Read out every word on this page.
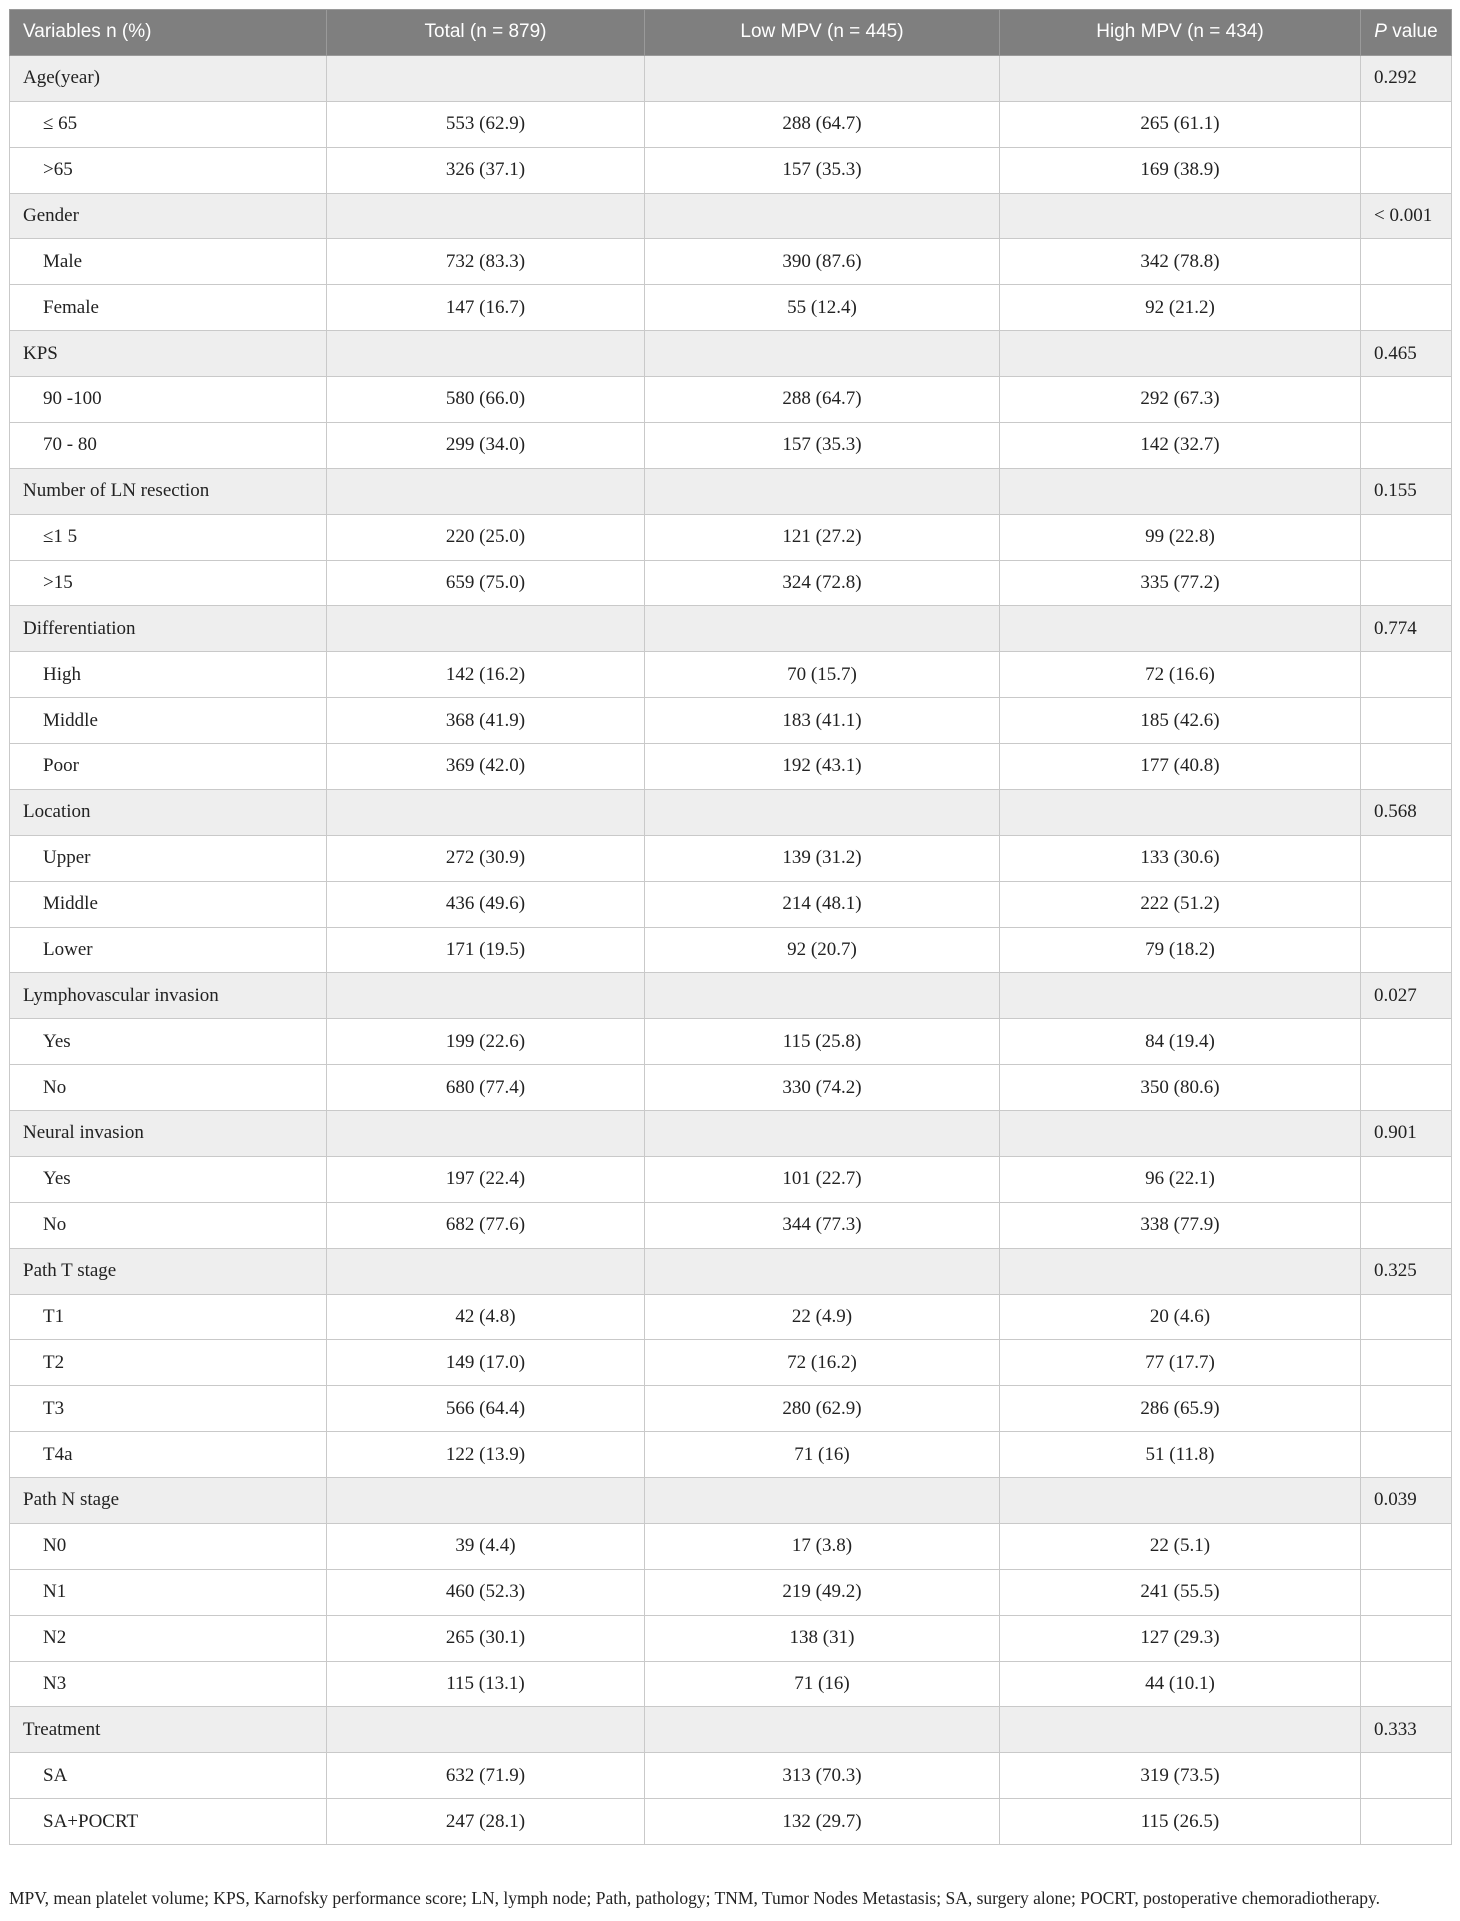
Variables n (%)	Total (n = 879)	Low MPV (n = 445)	High MPV (n = 434)	P value
Age(year)				0.292
≤ 65	553 (62.9)	288 (64.7)	265 (61.1)	
>65	326 (37.1)	157 (35.3)	169 (38.9)	
Gender				< 0.001
Male	732 (83.3)	390 (87.6)	342 (78.8)	
Female	147 (16.7)	55 (12.4)	92 (21.2)	
KPS				0.465
90 -100	580 (66.0)	288 (64.7)	292 (67.3)	
70 - 80	299 (34.0)	157 (35.3)	142 (32.7)	
Number of LN resection				0.155
≤1 5	220 (25.0)	121 (27.2)	99 (22.8)	
>15	659 (75.0)	324 (72.8)	335 (77.2)	
Differentiation				0.774
High	142 (16.2)	70 (15.7)	72 (16.6)	
Middle	368 (41.9)	183 (41.1)	185 (42.6)	
Poor	369 (42.0)	192 (43.1)	177 (40.8)	
Location				0.568
Upper	272 (30.9)	139 (31.2)	133 (30.6)	
Middle	436 (49.6)	214 (48.1)	222 (51.2)	
Lower	171 (19.5)	92 (20.7)	79 (18.2)	
Lymphovascular invasion				0.027
Yes	199 (22.6)	115 (25.8)	84 (19.4)	
No	680 (77.4)	330 (74.2)	350 (80.6)	
Neural invasion				0.901
Yes	197 (22.4)	101 (22.7)	96 (22.1)	
No	682 (77.6)	344 (77.3)	338 (77.9)	
Path T stage				0.325
T1	42 (4.8)	22 (4.9)	20 (4.6)	
T2	149 (17.0)	72 (16.2)	77 (17.7)	
T3	566 (64.4)	280 (62.9)	286 (65.9)	
T4a	122 (13.9)	71 (16)	51 (11.8)	
Path N stage				0.039
N0	39 (4.4)	17 (3.8)	22 (5.1)	
N1	460 (52.3)	219 (49.2)	241 (55.5)	
N2	265 (30.1)	138 (31)	127 (29.3)	
N3	115 (13.1)	71 (16)	44 (10.1)	
Treatment				0.333
SA	632 (71.9)	313 (70.3)	319 (73.5)	
SA+POCRT	247 (28.1)	132 (29.7)	115 (26.5)	
MPV, mean platelet volume; KPS, Karnofsky performance score; LN, lymph node; Path, pathology; TNM, Tumor Nodes Metastasis; SA, surgery alone; POCRT, postoperative chemoradiotherapy.
